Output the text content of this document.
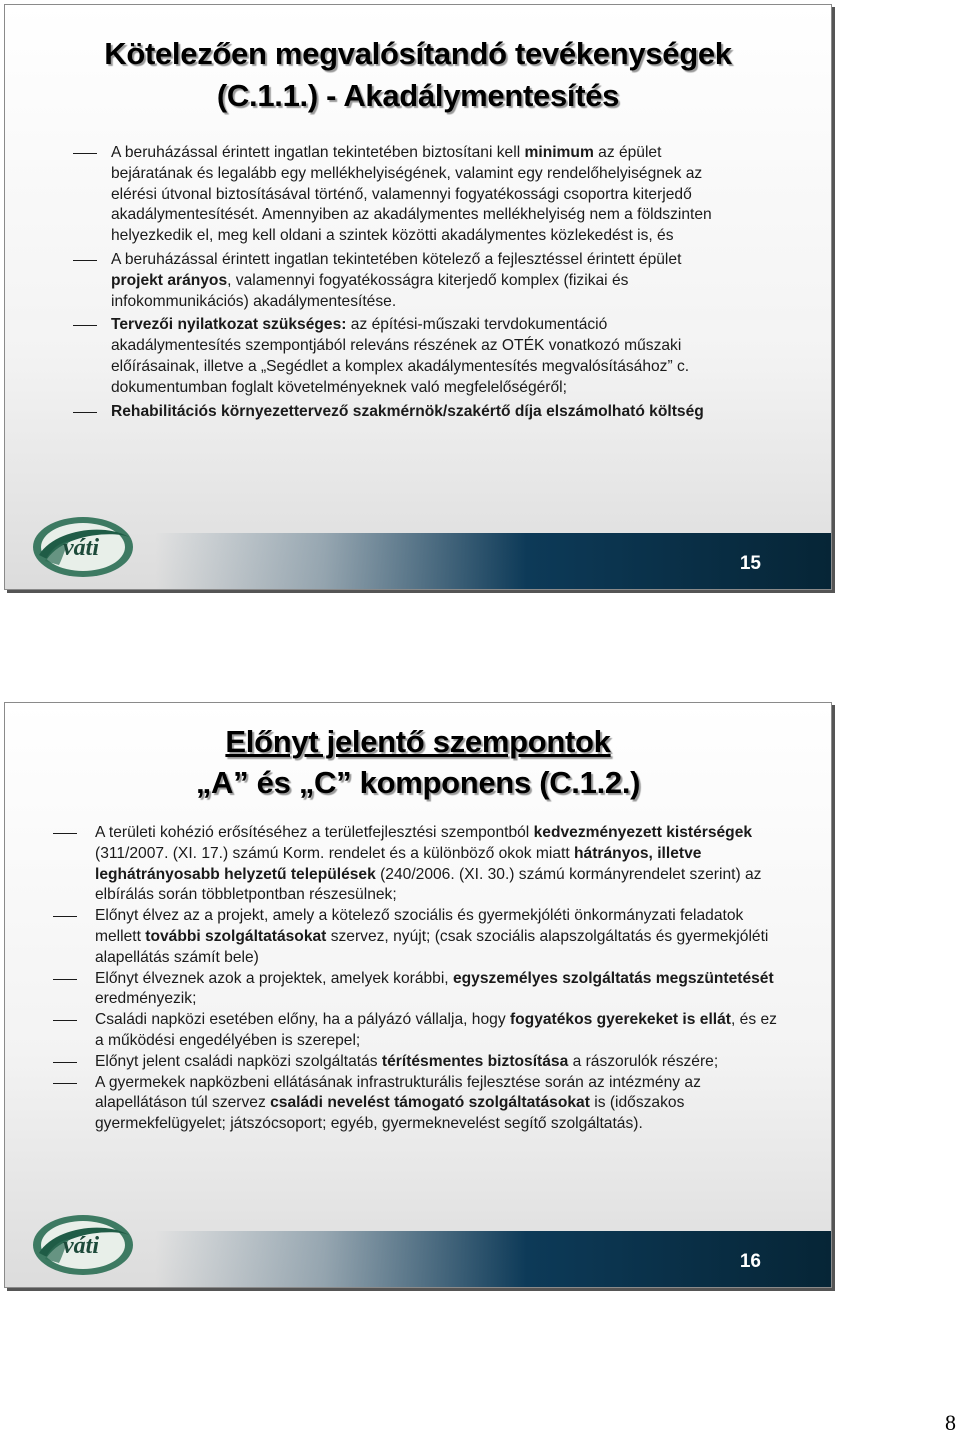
Kötelezően megvalósítandó tevékenységek
(C.1.1.) - Akadálymentesítés
A beruházással érintett ingatlan tekintetében biztosítani kell minimum az épület bejáratának és legalább egy mellékhelyiségének, valamint egy rendelőhelyiségnek az elérési útvonal biztosításával történő, valamennyi fogyatékossági csoportra kiterjedő akadálymentesítését. Amennyiben az akadálymentes mellékhelyiség nem a földszinten helyezkedik el, meg kell oldani a szintek közötti akadálymentes közlekedést is, és
A beruházással érintett ingatlan tekintetében kötelező a fejlesztéssel érintett épület projekt arányos, valamennyi fogyatékosságra kiterjedő komplex (fizikai és infokommunikációs) akadálymentesítése.
Tervezői nyilatkozat szükséges: az építési-műszaki tervdokumentáció akadálymentesítés szempontjából releváns részének az OTÉK vonatkozó műszaki előírásainak, illetve a „Segédlet a komplex akadálymentesítés megvalósításához” c. dokumentumban foglalt követelményeknek való megfelelőségéről;
Rehabilitációs környezettervező szakmérnök/szakértő díja elszámolható költség
15
váti
Előnyt jelentő szempontok
„A” és „C” komponens (C.1.2.)
A területi kohézió erősítéséhez a területfejlesztési szempontból kedvezményezett kistérségek (311/2007. (XI. 17.) számú Korm. rendelet és a különböző okok miatt hátrányos, illetve leghátrányosabb helyzetű települések (240/2006. (XI. 30.) számú kormányrendelet szerint) az elbírálás során többletpontban részesülnek;
Előnyt élvez az a projekt, amely a kötelező szociális és gyermekjóléti önkormányzati feladatok mellett további szolgáltatásokat szervez, nyújt; (csak szociális alapszolgáltatás és gyermekjóléti alapellátás számít bele)
Előnyt élveznek azok a projektek, amelyek korábbi, egyszemélyes szolgáltatás megszüntetését eredményezik;
Családi napközi esetében előny, ha a pályázó vállalja, hogy fogyatékos gyerekeket is ellát, és ez a működési engedélyében is szerepel;
Előnyt jelent családi napközi szolgáltatás térítésmentes biztosítása a rászorulók részére;
A gyermekek napközbeni ellátásának infrastrukturális fejlesztése során az intézmény az alapellátáson túl szervez családi nevelést támogató szolgáltatásokat is (időszakos gyermekfelügyelet; játszócsoport; egyéb, gyermeknevelést segítő szolgáltatás).
16
váti
8
